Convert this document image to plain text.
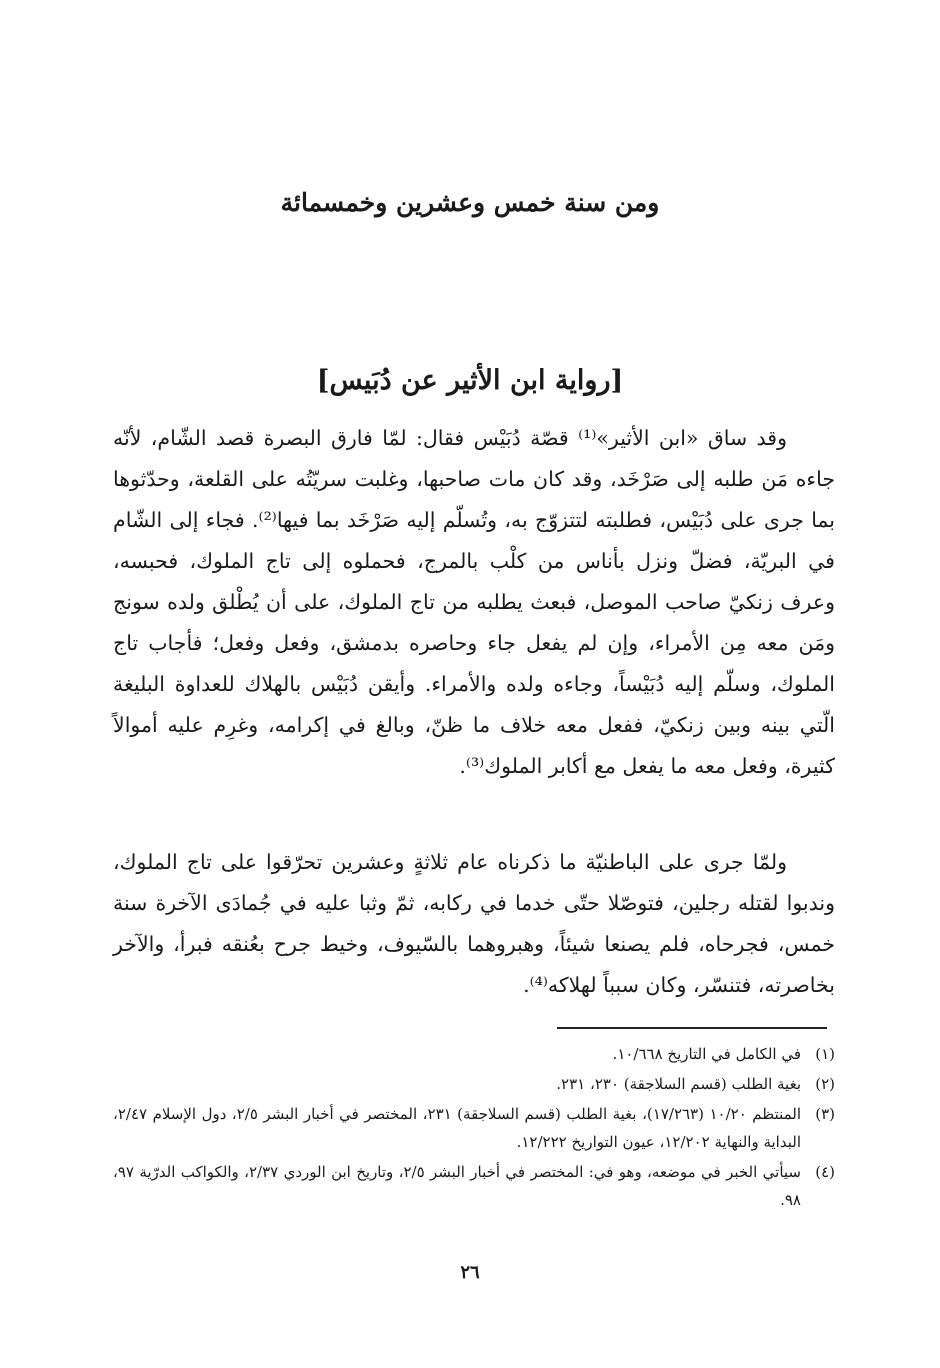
ومن سنة خمس وعشرين وخمسمائة
[رواية ابن الأثير عن دُبَيس]

وقد ساق «ابن الأثير»⁽¹⁾ قصّة دُبَيْس فقال: لمّا فارق البصرة قصد الشّام، لأنّه جاءه مَن طلبه إلى صَرْخَد، وقد كان مات صاحبها، وغلبت سريّتُه على القلعة، وحدّثوها بما جرى على دُبَيْس، فطلبته لتتزوّج به، وتُسلّم إليه صَرْخَد بما فيها⁽²⁾. فجاء إلى الشّام في البريّة، فضلّ ونزل بأناس من كلْب بالمرج، فحملوه إلى تاج الملوك، فحبسه، وعرف زنكيّ صاحب الموصل، فبعث يطلبه من تاج الملوك، على أن يُطْلق ولده سونج ومَن معه مِن الأمراء، وإن لم يفعل جاء وحاصره بدمشق، وفعل وفعل؛ فأجاب تاج الملوك، وسلّم إليه دُبَيْساً، وجاءه ولده والأمراء. وأيقن دُبَيْس بالهلاك للعداوة البليغة الّتي بينه وبين زنكيّ، ففعل معه خلاف ما ظنّ، وبالغ في إكرامه، وغرِم عليه أموالاً كثيرة، وفعل معه ما يفعل مع أكابر الملوك⁽³⁾.

ولمّا جرى على الباطنيّة ما ذكرناه عام ثلاثةٍ وعشرين تحرّقوا على تاج الملوك، وندبوا لقتله رجلين، فتوصّلا حتّى خدما في ركابه، ثمّ وثبا عليه في جُمادَى الآخرة سنة خمس، فجرحاه، فلم يصنعا شيئاً، وهبروهما بالسّيوف، وخيط جرح بعُنقه فبرأ، والآخر بخاصرته، فتنسّر، وكان سبباً لهلاكه⁽⁴⁾.

(١)
في الكامل في التاريخ ١٠/٦٦٨.
(٢)
بغية الطلب (قسم السلاجقة) ٢٣٠، ٢٣١.
(٣)
المنتظم ١٠/٢٠ (١٧/٢٦٣)، بغية الطلب (قسم السلاجقة) ٢٣١، المختصر في أخبار البشر ٢/٥، دول الإسلام ٢/٤٧، البداية والنهاية ١٢/٢٠٢، عيون التواريخ ١٢/٢٢٢.
(٤)
سيأتي الخبر في موضعه، وهو في: المختصر في أخبار البشر ٢/٥، وتاريخ ابن الوردي ٢/٣٧، والكواكب الدرّية ٩٧، ٩٨.
٢٦
